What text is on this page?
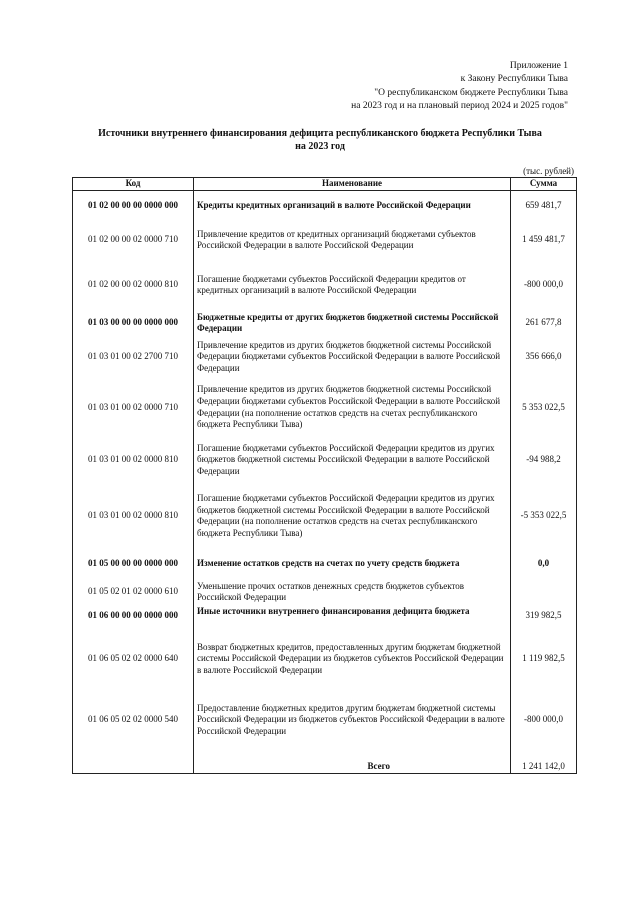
Приложение 1
к Закону Республики Тыва
"О республиканском бюджете Республики Тыва
на 2023 год и на плановый период 2024 и 2025 годов"
Источники внутреннего финансирования дефицита республиканского бюджета Республики Тыва
на 2023 год
(тыс. рублей)
Код	Наименование	Сумма
01 02 00 00 00 0000 000	Кредиты кредитных организаций в валюте Российской Федерации	659 481,7
01 02 00 00 02 0000 710	Привлечение кредитов от кредитных организаций бюджетами субъектов Российской Федерации в валюте Российской Федерации	1 459 481,7
01 02 00 00 02 0000 810	Погашение бюджетами субъектов Российской Федерации кредитов от кредитных организаций в валюте Российской Федерации	-800 000,0
01 03 00 00 00 0000 000	Бюджетные кредиты от других бюджетов бюджетной системы Российской Федерации	261 677,8
01 03 01 00 02 2700 710	Привлечение кредитов из других бюджетов бюджетной системы Российской Федерации бюджетами субъектов Российской Федерации в валюте Российской Федерации	356 666,0
01 03 01 00 02 0000 710	Привлечение кредитов из других бюджетов бюджетной системы Российской Федерации бюджетами субъектов Российской Федерации в валюте Российской Федерации (на пополнение остатков средств на счетах республиканского бюджета Республики Тыва)	5 353 022,5
01 03 01 00 02 0000 810	Погашение бюджетами субъектов Российской Федерации кредитов из других бюджетов бюджетной системы Российской Федерации в валюте Российской Федерации	-94 988,2
01 03 01 00 02 0000 810	Погашение бюджетами субъектов Российской Федерации кредитов из других бюджетов бюджетной системы Российской Федерации в валюте Российской Федерации (на пополнение остатков средств на счетах республиканского бюджета Республики Тыва)	-5 353 022,5
01 05 00 00 00 0000 000	Изменение остатков средств на счетах по учету средств бюджета	0,0
01 05 02 01 02 0000 610	Уменьшение прочих остатков денежных средств бюджетов субъектов Российской Федерации	
01 06 00 00 00 0000 000	Иные источники внутреннего финансирования дефицита бюджета	319 982,5
01 06 05 02 02 0000 640	Возврат бюджетных кредитов, предоставленных другим бюджетам бюджетной системы Российской Федерации из бюджетов субъектов Российской Федерации в валюте Российской Федерации	1 119 982,5
01 06 05 02 02 0000 540	Предоставление бюджетных кредитов другим бюджетам бюджетной системы Российской Федерации из бюджетов субъектов Российской Федерации в валюте Российской Федерации	-800 000,0
	Всего	1 241 142,0
